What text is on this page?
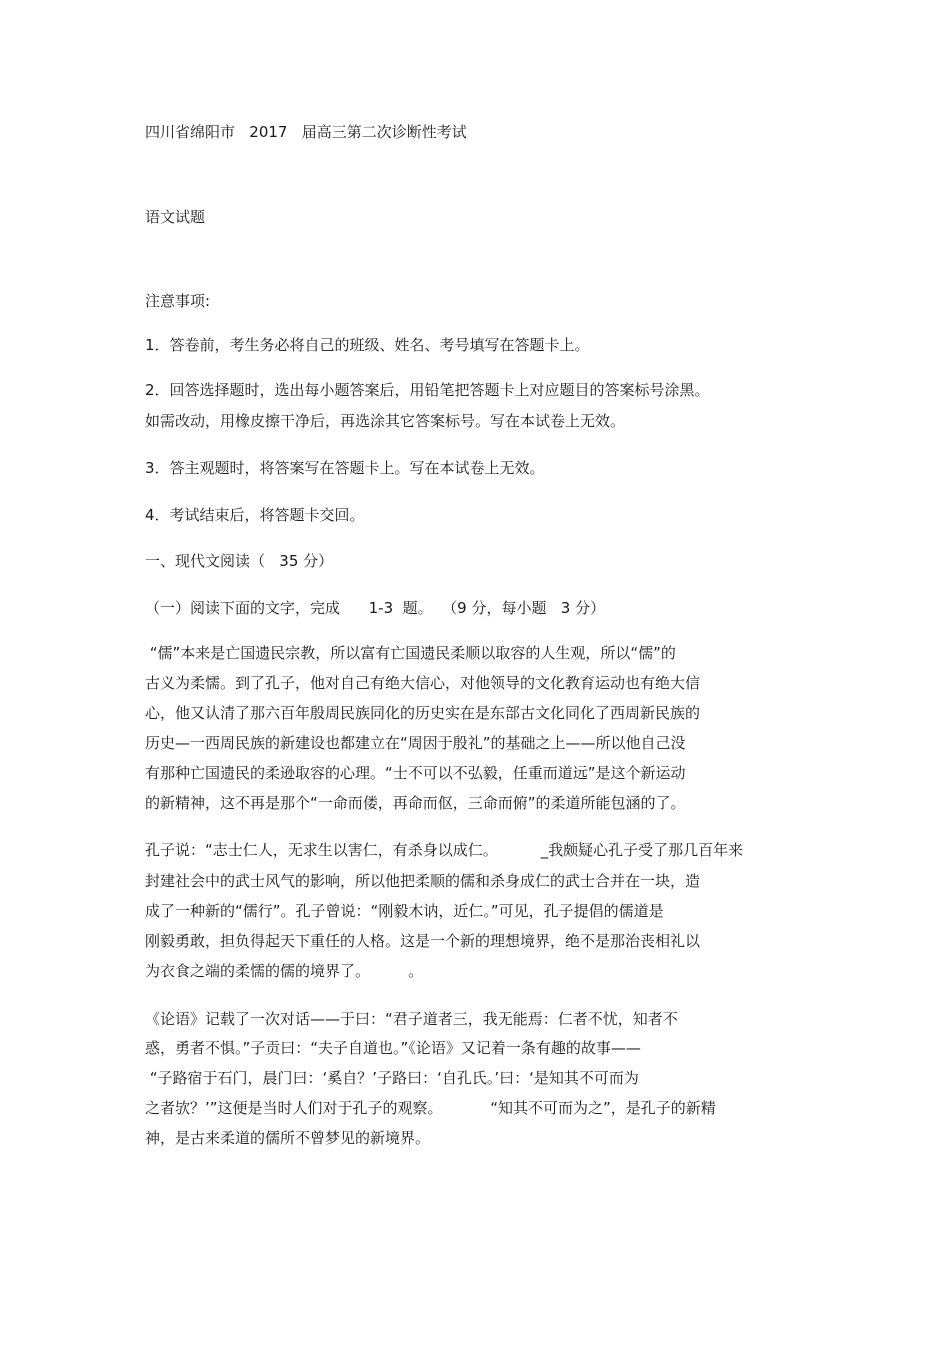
四川省绵阳市   2017   届高三第二次诊断性考试

语文试题

注意事项:

1．答卷前，考生务必将自己的班级、姓名、考号填写在答题卡上。

2．回答选择题时，选出每小题答案后，用铅笔把答题卡上对应题目的答案标号涂黑。

如需改动，用橡皮擦干净后，再选涂其它答案标号。写在本试卷上无效。

3．答主观题时，将答案写在答题卡上。写在本试卷上无效。

4．考试结束后，将答题卡交回。

一、现代文阅读（   35 分）

（一）阅读下面的文字，完成      1-3  题。  （9 分，每小题   3 分）

“儒”本来是亡国遗民宗教，所以富有亡国遗民柔顺以取容的人生观，所以“儒”的

古义为柔懦。到了孔子，他对自己有绝大信心，对他领导的文化教育运动也有绝大信

心，他又认清了那六百年殷周民族同化的历史实在是东部古文化同化了西周新民族的

历史—一西周民族的新建设也都建立在“周因于殷礼”的基础之上——所以他自己没

有那种亡国遗民的柔逊取容的心理。“士不可以不弘毅，任重而道远”是这个新运动

的新精神，这不再是那个“一命而偻，再命而伛，三命而俯”的柔道所能包涵的了。

孔子说：“志士仁人，无求生以害仁，有杀身以成仁。         _我颇疑心孔子受了那几百年来

封建社会中的武士风气的影响，所以他把柔顺的儒和杀身成仁的武士合并在一块，造

成了一种新的“儒行”。孔子曾说：“刚毅木讷，近仁。”可见，孔子提倡的儒道是

刚毅勇敢，担负得起天下重任的人格。这是一个新的理想境界，绝不是那治丧相礼以

为衣食之端的柔懦的儒的境界了。        。

《论语》记载了一次对话——于曰：“君子道者三，我无能焉：仁者不忧，知者不

惑，勇者不惧。”子贡曰：“夫子自道也。”《论语》又记着一条有趣的故事——

“子路宿于石门，晨门曰：‘奚自？’子路曰：‘自孔氏。’曰：‘是知其不可而为

之者欤？’”这便是当时人们对于孔子的观察。          “知其不可而为之”，是孔子的新精

神，是古来柔道的儒所不曾梦见的新境界。
